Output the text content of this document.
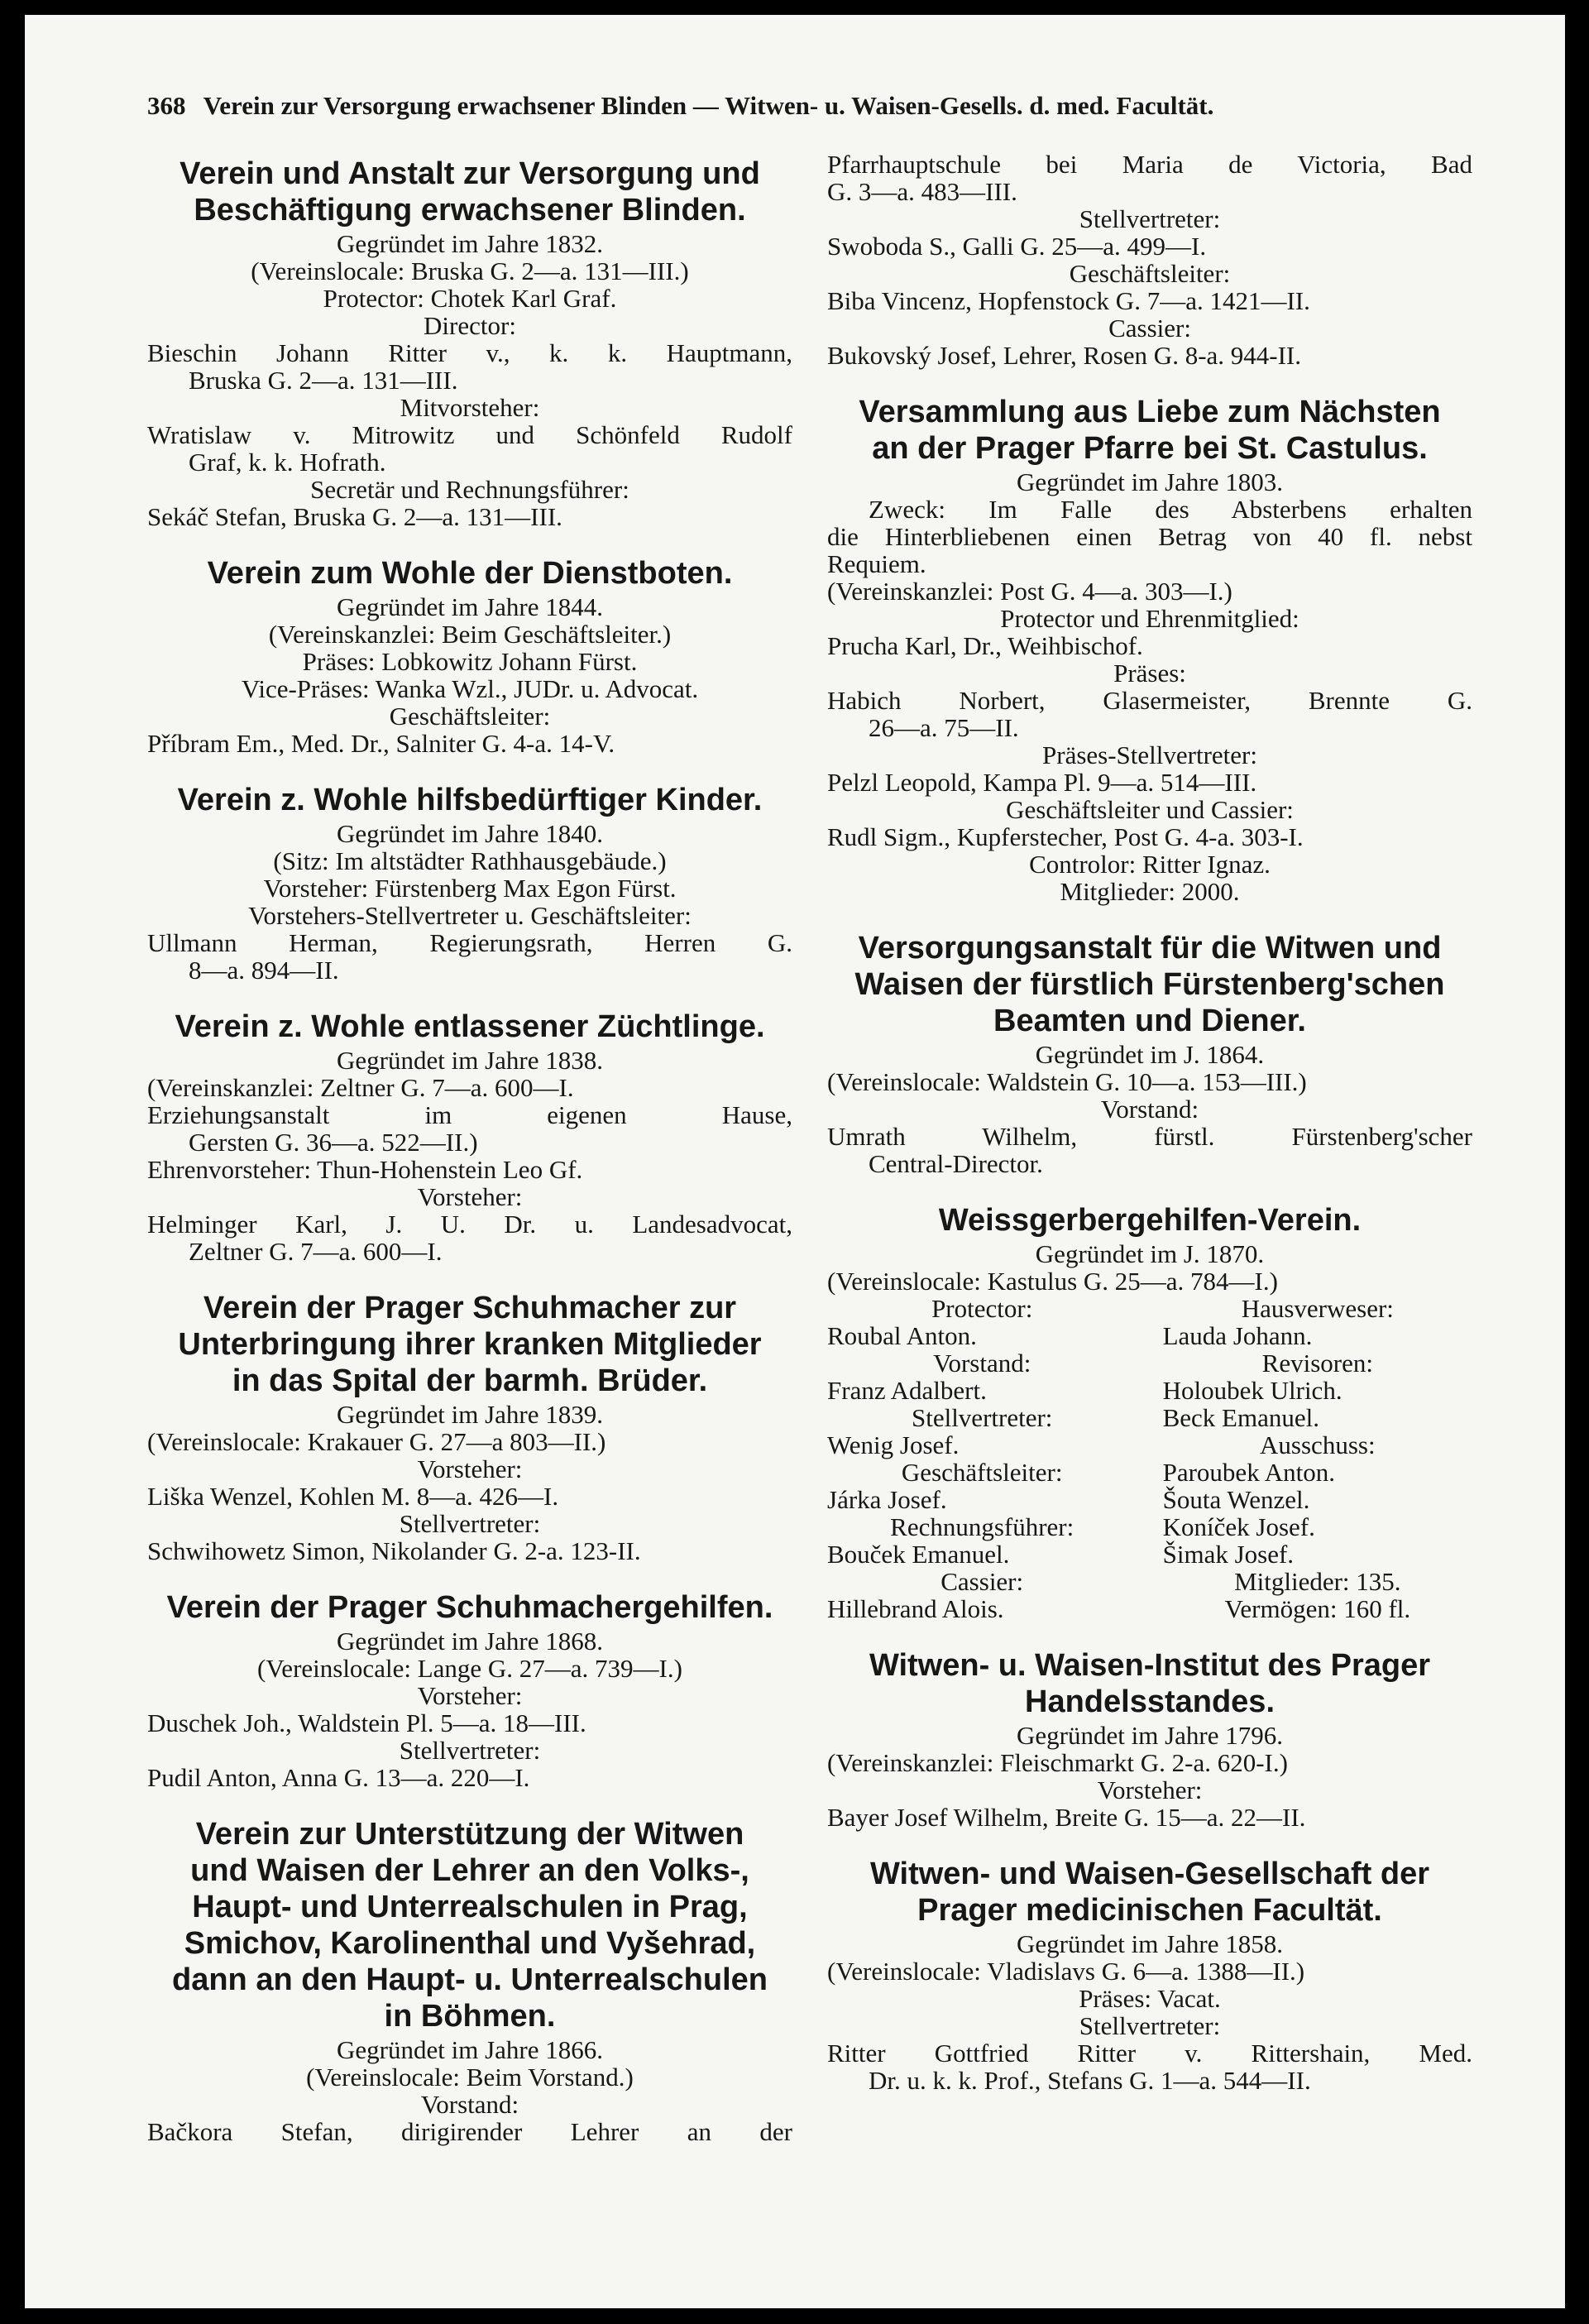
368 Verein zur Versorgung erwachsener Blinden — Witwen- u. Waisen-Gesells. d. med. Facultät.
Verein und Anstalt zur Versorgung und
Beschäftigung erwachsener Blinden.

Gegründet im Jahre 1832.

(Vereinslocale: Bruska G. 2—a. 131—III.)

Protector: Chotek Karl Graf.

Director:

Bieschin Johann Ritter v., k. k. Hauptmann,

Bruska G. 2—a. 131—III.

Mitvorsteher:

Wratislaw v. Mitrowitz und Schönfeld Rudolf

Graf, k. k. Hofrath.

Secretär und Rechnungsführer:

Sekáč Stefan, Bruska G. 2—a. 131—III.

Verein zum Wohle der Dienstboten.

Gegründet im Jahre 1844.

(Vereinskanzlei: Beim Geschäftsleiter.)

Präses: Lobkowitz Johann Fürst.

Vice-Präses: Wanka Wzl., JUDr. u. Advocat.

Geschäftsleiter:

Příbram Em., Med. Dr., Salniter G. 4-a. 14-V.

Verein z. Wohle hilfsbedürftiger Kinder.

Gegründet im Jahre 1840.

(Sitz: Im altstädter Rathhausgebäude.)

Vorsteher: Fürstenberg Max Egon Fürst.

Vorstehers-Stellvertreter u. Geschäftsleiter:

Ullmann Herman, Regierungsrath, Herren G.

8—a. 894—II.

Verein z. Wohle entlassener Züchtlinge.

Gegründet im Jahre 1838.

(Vereinskanzlei: Zeltner G. 7—a. 600—I.

Erziehungsanstalt im eigenen Hause,

Gersten G. 36—a. 522—II.)

Ehrenvorsteher: Thun-Hohenstein Leo Gf.

Vorsteher:

Helminger Karl, J. U. Dr. u. Landesadvocat,

Zeltner G. 7—a. 600—I.

Verein der Prager Schuhmacher zur
Unterbringung ihrer kranken Mitglieder
in das Spital der barmh. Brüder.

Gegründet im Jahre 1839.

(Vereinslocale: Krakauer G. 27—a 803—II.)

Vorsteher:

Liška Wenzel, Kohlen M. 8—a. 426—I.

Stellvertreter:

Schwihowetz Simon, Nikolander G. 2-a. 123-II.

Verein der Prager Schuhmachergehilfen.

Gegründet im Jahre 1868.

(Vereinslocale: Lange G. 27—a. 739—I.)

Vorsteher:

Duschek Joh., Waldstein Pl. 5—a. 18—III.

Stellvertreter:

Pudil Anton, Anna G. 13—a. 220—I.

Verein zur Unterstützung der Witwen
und Waisen der Lehrer an den Volks-,
Haupt- und Unterrealschulen in Prag,
Smichov, Karolinenthal und Vyšehrad,
dann an den Haupt- u. Unterrealschulen
in Böhmen.

Gegründet im Jahre 1866.

(Vereinslocale: Beim Vorstand.)

Vorstand:

Bačkora Stefan, dirigirender Lehrer an der

Pfarrhauptschule bei Maria de Victoria, Bad

G. 3—a. 483—III.

Stellvertreter:

Swoboda S., Galli G. 25—a. 499—I.

Geschäftsleiter:

Biba Vincenz, Hopfenstock G. 7—a. 1421—II.

Cassier:

Bukovský Josef, Lehrer, Rosen G. 8-a. 944-II.

Versammlung aus Liebe zum Nächsten
an der Prager Pfarre bei St. Castulus.

Gegründet im Jahre 1803.

Zweck: Im Falle des Absterbens erhalten

die Hinterbliebenen einen Betrag von 40 fl. nebst

Requiem.

(Vereinskanzlei: Post G. 4—a. 303—I.)

Protector und Ehrenmitglied:

Prucha Karl, Dr., Weihbischof.

Präses:

Habich Norbert, Glasermeister, Brennte G.

26—a. 75—II.

Präses-Stellvertreter:

Pelzl Leopold, Kampa Pl. 9—a. 514—III.

Geschäftsleiter und Cassier:

Rudl Sigm., Kupferstecher, Post G. 4-a. 303-I.

Controlor: Ritter Ignaz.

Mitglieder: 2000.

Versorgungsanstalt für die Witwen und
Waisen der fürstlich Fürstenberg'schen
Beamten und Diener.

Gegründet im J. 1864.

(Vereinslocale: Waldstein G. 10—a. 153—III.)

Vorstand:

Umrath Wilhelm, fürstl. Fürstenberg'scher

Central-Director.

Weissgerbergehilfen-Verein.

Gegründet im J. 1870.

(Vereinslocale: Kastulus G. 25—a. 784—I.)

Protector:

Roubal Anton.

Vorstand:

Franz Adalbert.

Stellvertreter:

Wenig Josef.

Geschäftsleiter:

Járka Josef.

Rechnungsführer:

Bouček Emanuel.

Cassier:

Hillebrand Alois.

Hausverweser:

Lauda Johann.

Revisoren:

Holoubek Ulrich.

Beck Emanuel.

Ausschuss:

Paroubek Anton.

Šouta Wenzel.

Koníček Josef.

Šimak Josef.

Mitglieder: 135.

Vermögen: 160 fl.

Witwen- u. Waisen-Institut des Prager
Handelsstandes.

Gegründet im Jahre 1796.

(Vereinskanzlei: Fleischmarkt G. 2-a. 620-I.)

Vorsteher:

Bayer Josef Wilhelm, Breite G. 15—a. 22—II.

Witwen- und Waisen-Gesellschaft der
Prager medicinischen Facultät.

Gegründet im Jahre 1858.

(Vereinslocale: Vladislavs G. 6—a. 1388—II.)

Präses: Vacat.

Stellvertreter:

Ritter Gottfried Ritter v. Rittershain, Med.

Dr. u. k. k. Prof., Stefans G. 1—a. 544—II.
